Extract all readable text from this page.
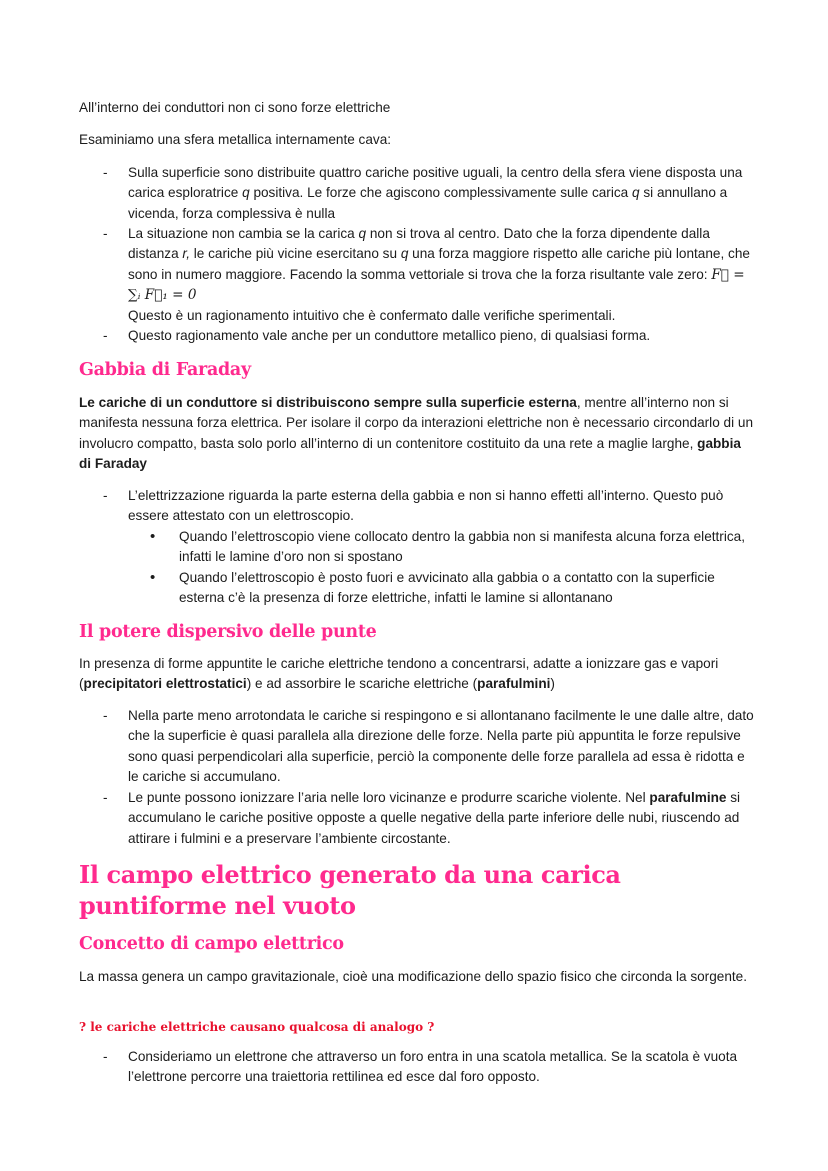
All’interno dei conduttori non ci sono forze elettriche

Esaminiamo una sfera metallica internamente cava:

- Sulla superficie sono distribuite quattro cariche positive uguali, la centro della sfera viene disposta una carica esploratrice q positiva. Le forze che agiscono complessivamente sulle carica q si annullano a vicenda, forza complessiva è nulla

- La situazione non cambia se la carica q non si trova al centro. Dato che la forza dipendente dalla distanza r, le cariche più vicine esercitano su q una forza maggiore rispetto alle cariche più lontane, che sono in numero maggiore. Facendo la somma vettoriale si trova che la forza risultante vale zero: F⃗ = ∑ᵢ F⃗₁ = 0
Questo è un ragionamento intuitivo che è confermato dalle verifiche sperimentali.

- Questo ragionamento vale anche per un conduttore metallico pieno, di qualsiasi forma.

Gabbia di Faraday

Le cariche di un conduttore si distribuiscono sempre sulla superficie esterna, mentre all’interno non si manifesta nessuna forza elettrica. Per isolare il corpo da interazioni elettriche non è necessario circondarlo di un involucro compatto, basta solo porlo all’interno di un contenitore costituito da una rete a maglie larghe, gabbia di Faraday

- L’elettrizzazione riguarda la parte esterna della gabbia e non si hanno effetti all’interno. Questo può essere attestato con un elettroscopio.

• Quando l’elettroscopio viene collocato dentro la gabbia non si manifesta alcuna forza elettrica, infatti le lamine d’oro non si spostano

• Quando l’elettroscopio è posto fuori e avvicinato alla gabbia o a contatto con la superficie esterna c’è la presenza di forze elettriche, infatti le lamine si allontanano

Il potere dispersivo delle punte

In presenza di forme appuntite le cariche elettriche tendono a concentrarsi, adatte a ionizzare gas e vapori (precipitatori elettrostatici) e ad assorbire le scariche elettriche (parafulmini)

- Nella parte meno arrotondata le cariche si respingono e si allontanano facilmente le une dalle altre, dato che la superficie è quasi parallela alla direzione delle forze. Nella parte più appuntita le forze repulsive sono quasi perpendicolari alla superficie, perciò la componente delle forze parallela ad essa è ridotta e le cariche si accumulano.

- Le punte possono ionizzare l’aria nelle loro vicinanze e produrre scariche violente. Nel parafulmine si accumulano le cariche positive opposte a quelle negative della parte inferiore delle nubi, riuscendo ad attirare i fulmini e a preservare l’ambiente circostante.

Il campo elettrico generato da una carica puntiforme nel vuoto
Concetto di campo elettrico

La massa genera un campo gravitazionale, cioè una modificazione dello spazio fisico che circonda la sorgente.

? le cariche elettriche causano qualcosa di analogo ?

- Consideriamo un elettrone che attraverso un foro entra in una scatola metallica. Se la scatola è vuota l’elettrone percorre una traiettoria rettilinea ed esce dal foro opposto.
